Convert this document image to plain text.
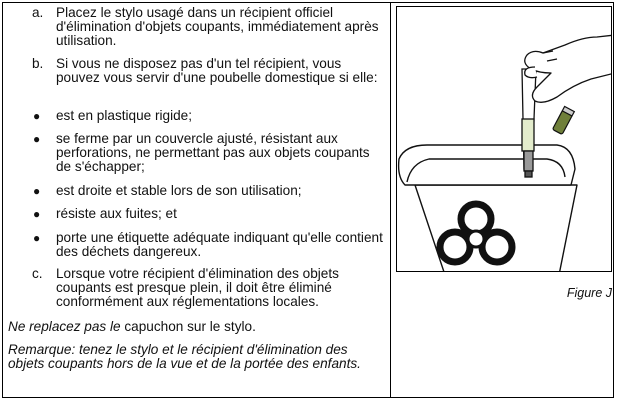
a. Placez le stylo usagé dans un récipient officiel d'élimination d'objets coupants, immédiatement après utilisation.
b. Si vous ne disposez pas d'un tel récipient, vous pouvez vous servir d'une poubelle domestique si elle:
● est en plastique rigide;
● se ferme par un couvercle ajusté, résistant aux perforations, ne permettant pas aux objets coupants de s'échapper;
● est droite et stable lors de son utilisation;
● résiste aux fuites; et
● porte une étiquette adéquate indiquant qu'elle contient des déchets dangereux.
c. Lorsque votre récipient d'élimination des objets coupants est presque plein, il doit être éliminé conformément aux réglementations locales.
Ne replacez pas le capuchon sur le stylo.
Remarque: tenez le stylo et le récipient d'élimination des objets coupants hors de la vue et de la portée des enfants.
Figure J
